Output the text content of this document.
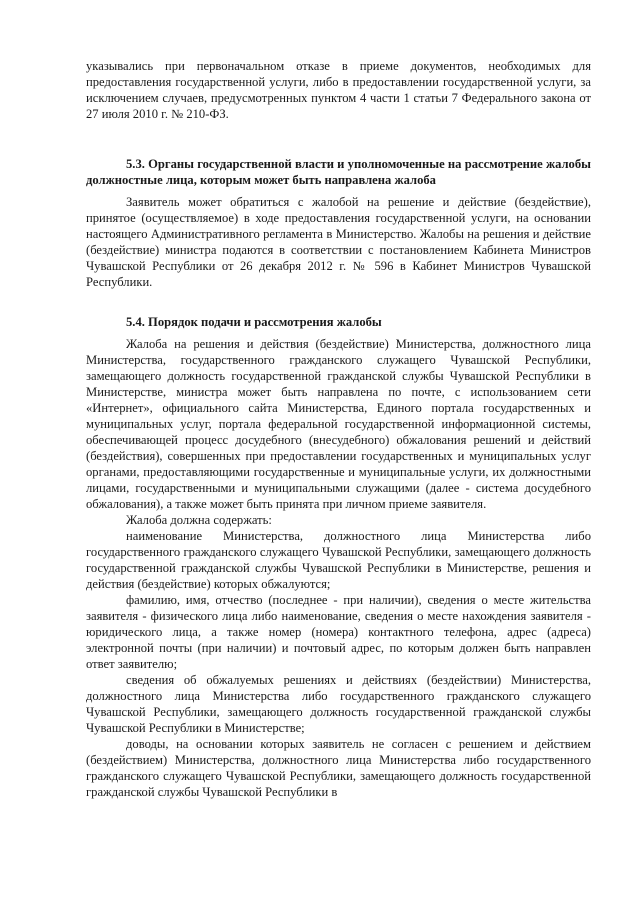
указывались при первоначальном отказе в приеме документов, необходимых для предоставления государственной услуги, либо в предоставлении государственной услуги, за исключением случаев, предусмотренных пунктом 4 части 1 статьи 7 Федерального закона от 27 июля 2010 г. № 210-ФЗ.

5.3. Органы государственной власти и уполномоченные на рассмотрение жалобы должностные лица, которым может быть направлена жалоба

Заявитель может обратиться с жалобой на решение и действие (бездействие), принятое (осуществляемое) в ходе предоставления государственной услуги, на основании настоящего Административного регламента в Министерство. Жалобы на решения и действие (бездействие) министра подаются в соответствии с постановлением Кабинета Министров Чувашской Республики от 26 декабря 2012 г. № 596 в Кабинет Министров Чувашской Республики.

5.4. Порядок подачи и рассмотрения жалобы

Жалоба на решения и действия (бездействие) Министерства, должностного лица Министерства, государственного гражданского служащего Чувашской Республики, замещающего должность государственной гражданской службы Чувашской Республики в Министерстве, министра может быть направлена по почте, с использованием сети «Интернет», официального сайта Министерства, Единого портала государственных и муниципальных услуг, портала федеральной государственной информационной системы, обеспечивающей процесс досудебного (внесудебного) обжалования решений и действий (бездействия), совершенных при предоставлении государственных и муниципальных услуг органами, предоставляющими государственные и муниципальные услуги, их должностными лицами, государственными и муниципальными служащими (далее - система досудебного обжалования), а также может быть принята при личном приеме заявителя.

Жалоба должна содержать:

наименование Министерства, должностного лица Министерства либо государственного гражданского служащего Чувашской Республики, замещающего должность государственной гражданской службы Чувашской Республики в Министерстве, решения и действия (бездействие) которых обжалуются;

фамилию, имя, отчество (последнее - при наличии), сведения о месте жительства заявителя - физического лица либо наименование, сведения о месте нахождения заявителя - юридического лица, а также номер (номера) контактного телефона, адрес (адреса) электронной почты (при наличии) и почтовый адрес, по которым должен быть направлен ответ заявителю;

сведения об обжалуемых решениях и действиях (бездействии) Министерства, должностного лица Министерства либо государственного гражданского служащего Чувашской Республики, замещающего должность государственной гражданской службы Чувашской Республики в Министерстве;

доводы, на основании которых заявитель не согласен с решением и действием (бездействием) Министерства, должностного лица Министерства либо государственного гражданского служащего Чувашской Республики, замещающего должность государственной гражданской службы Чувашской Республики в
